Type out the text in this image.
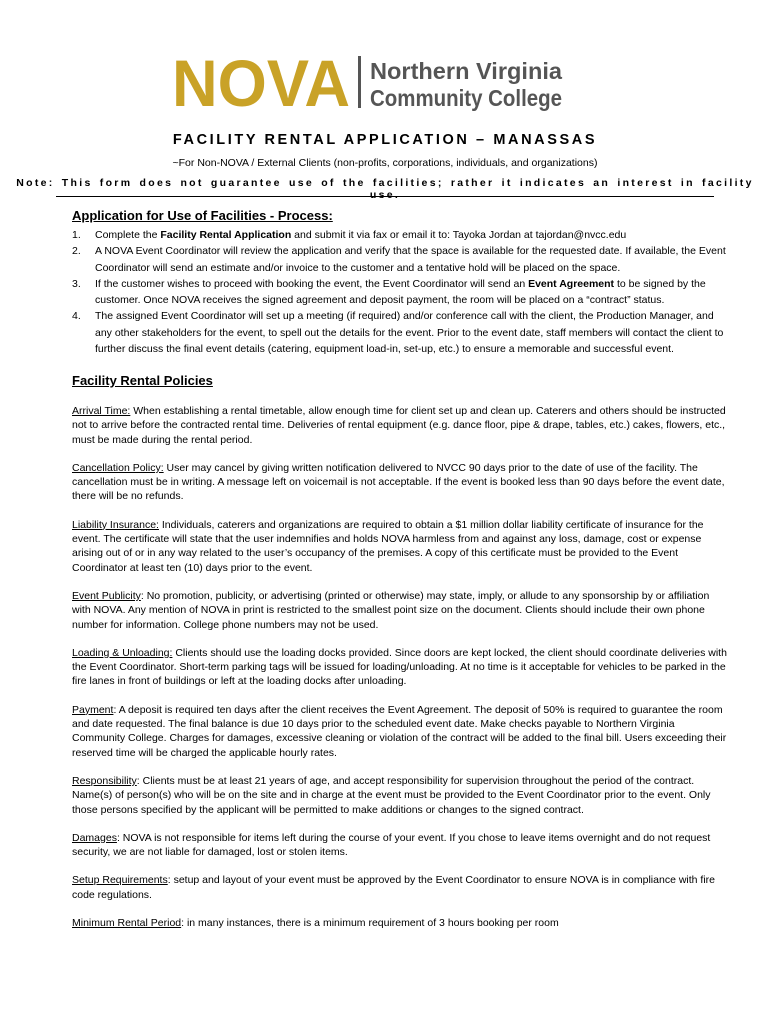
NOVA Northern Virginia
Community College
FACILITY RENTAL APPLICATION – MANASSAS
~For Non-NOVA / External Clients (non-profits, corporations, individuals, and organizations)
Note: This form does not guarantee use of the facilities; rather it indicates an interest in facility use.
Application for Use of Facilities - Process:
1. Complete the Facility Rental Application and submit it via fax or email it to: Tayoka Jordan at tajordan@nvcc.edu
2. A NOVA Event Coordinator will review the application and verify that the space is available for the requested date. If available, the Event Coordinator will send an estimate and/or invoice to the customer and a tentative hold will be placed on the space.
3. If the customer wishes to proceed with booking the event, the Event Coordinator will send an Event Agreement to be signed by the customer. Once NOVA receives the signed agreement and deposit payment, the room will be placed on a “contract” status.
4. The assigned Event Coordinator will set up a meeting (if required) and/or conference call with the client, the Production Manager, and any other stakeholders for the event, to spell out the details for the event. Prior to the event date, staff members will contact the client to further discuss the final event details (catering, equipment load-in, set-up, etc.) to ensure a memorable and successful event.
Facility Rental Policies

Arrival Time: When establishing a rental timetable, allow enough time for client set up and clean up. Caterers and others should be instructed not to arrive before the contracted rental time. Deliveries of rental equipment (e.g. dance floor, pipe & drape, tables, etc.) cakes, flowers, etc., must be made during the rental period.

Cancellation Policy: User may cancel by giving written notification delivered to NVCC 90 days prior to the date of use of the facility. The cancellation must be in writing. A message left on voicemail is not acceptable. If the event is booked less than 90 days before the event date, there will be no refunds.

Liability Insurance: Individuals, caterers and organizations are required to obtain a $1 million dollar liability certificate of insurance for the event. The certificate will state that the user indemnifies and holds NOVA harmless from and against any loss, damage, cost or expense arising out of or in any way related to the user’s occupancy of the premises. A copy of this certificate must be provided to the Event Coordinator at least ten (10) days prior to the event.

Event Publicity: No promotion, publicity, or advertising (printed or otherwise) may state, imply, or allude to any sponsorship by or affiliation with NOVA. Any mention of NOVA in print is restricted to the smallest point size on the document. Clients should include their own phone number for information. College phone numbers may not be used.

Loading & Unloading: Clients should use the loading docks provided. Since doors are kept locked, the client should coordinate deliveries with the Event Coordinator. Short-term parking tags will be issued for loading/unloading. At no time is it acceptable for vehicles to be parked in the fire lanes in front of buildings or left at the loading docks after unloading.

Payment: A deposit is required ten days after the client receives the Event Agreement. The deposit of 50% is required to guarantee the room and date requested. The final balance is due 10 days prior to the scheduled event date. Make checks payable to Northern Virginia Community College. Charges for damages, excessive cleaning or violation of the contract will be added to the final bill. Users exceeding their reserved time will be charged the applicable hourly rates.

Responsibility: Clients must be at least 21 years of age, and accept responsibility for supervision throughout the period of the contract. Name(s) of person(s) who will be on the site and in charge at the event must be provided to the Event Coordinator prior to the event. Only those persons specified by the applicant will be permitted to make additions or changes to the signed contract.

Damages: NOVA is not responsible for items left during the course of your event. If you chose to leave items overnight and do not request security, we are not liable for damaged, lost or stolen items.

Setup Requirements: setup and layout of your event must be approved by the Event Coordinator to ensure NOVA is in compliance with fire code regulations.

Minimum Rental Period: in many instances, there is a minimum requirement of 3 hours booking per room
